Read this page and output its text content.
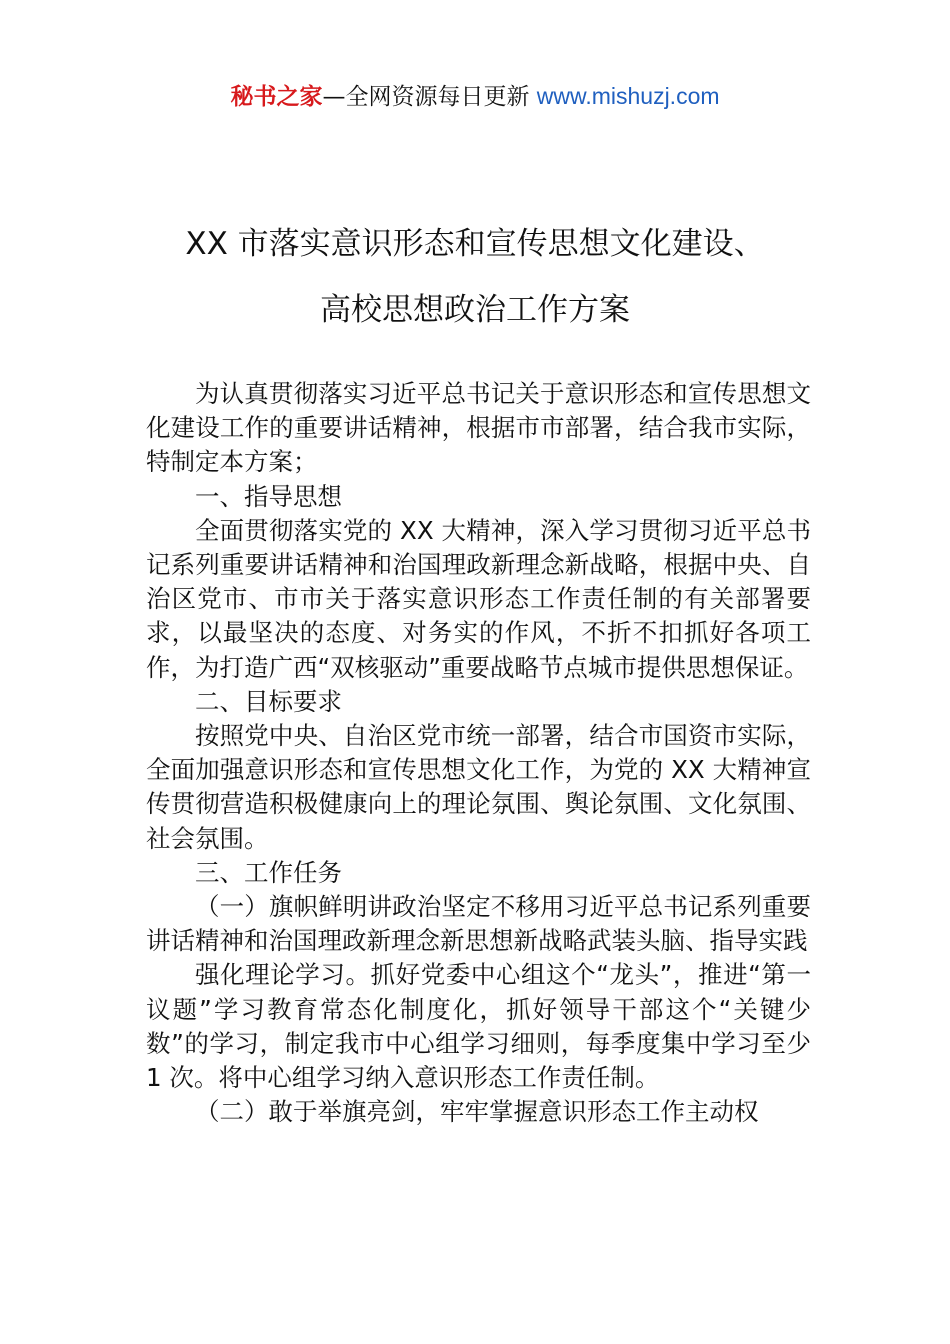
秘书之家—全网资源每日更新 www.mishuzj.com
XX 市落实意识形态和宣传思想文化建设、
高校思想政治工作方案

为认真贯彻落实习近平总书记关于意识形态和宣传思想文化建设工作的重要讲话精神，根据市市部署，结合我市实际，特制定本方案；

一、指导思想

全面贯彻落实党的 XX 大精神，深入学习贯彻习近平总书记系列重要讲话精神和治国理政新理念新战略，根据中央、自治区党市、市市关于落实意识形态工作责任制的有关部署要求，以最坚决的态度、对务实的作风，不折不扣抓好各项工作，为打造广西“双核驱动”重要战略节点城市提供思想保证。

二、目标要求

按照党中央、自治区党市统一部署，结合市国资市实际，全面加强意识形态和宣传思想文化工作，为党的 XX 大精神宣传贯彻营造积极健康向上的理论氛围、舆论氛围、文化氛围、社会氛围。

三、工作任务

（一）旗帜鲜明讲政治坚定不移用习近平总书记系列重要讲话精神和治国理政新理念新思想新战略武装头脑、指导实践

强化理论学习。抓好党委中心组这个“龙头”，推进“第一议题”学习教育常态化制度化，抓好领导干部这个“关键少数”的学习，制定我市中心组学习细则，每季度集中学习至少 1 次。将中心组学习纳入意识形态工作责任制。

（二）敢于举旗亮剑，牢牢掌握意识形态工作主动权
